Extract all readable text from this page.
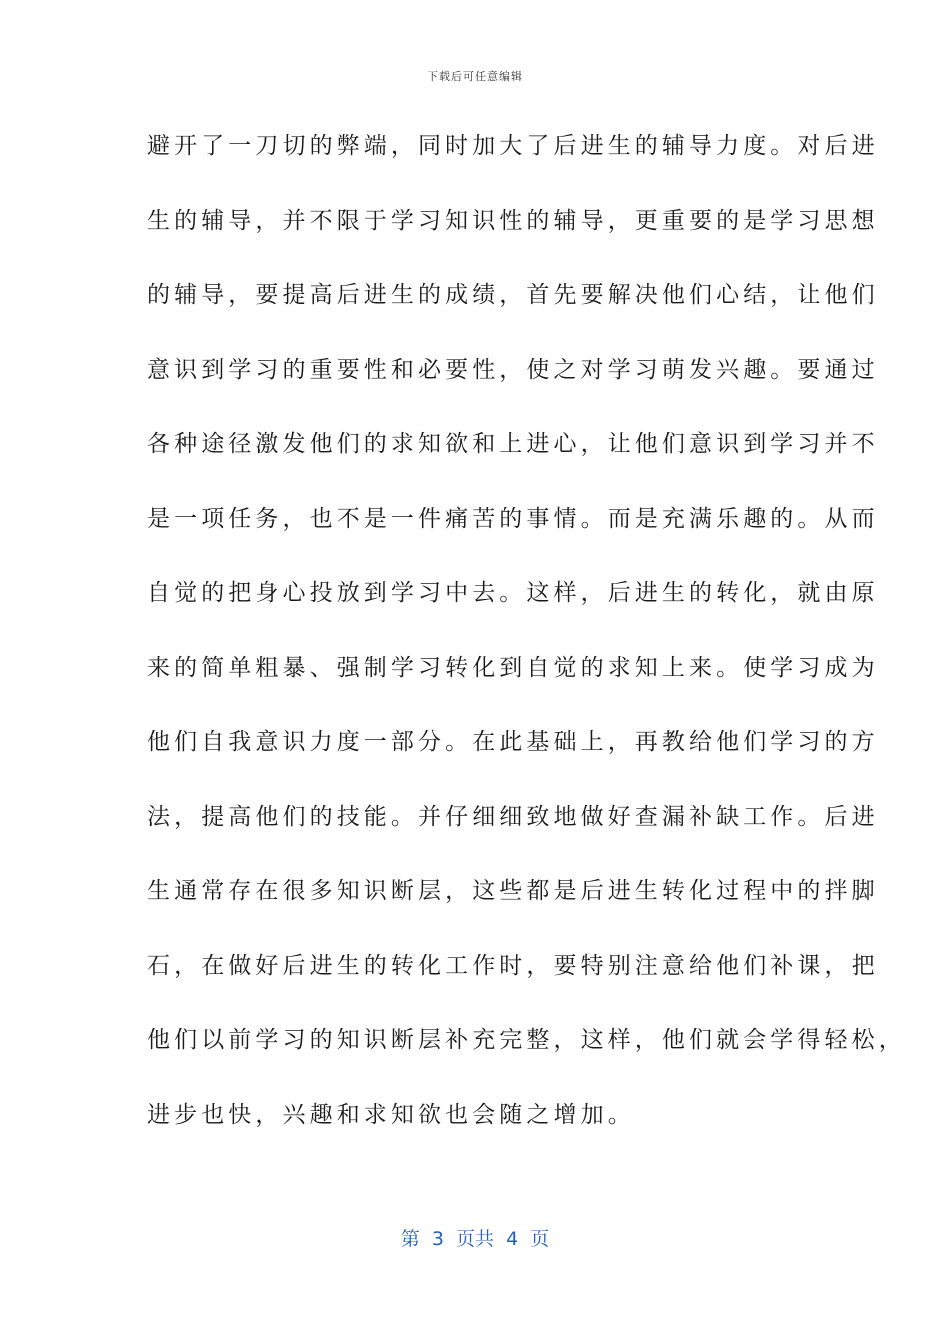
下载后可任意编辑
避开了一刀切的弊端，同时加大了后进生的辅导力度。对后进
生的辅导，并不限于学习知识性的辅导，更重要的是学习思想
的辅导，要提高后进生的成绩，首先要解决他们心结，让他们
意识到学习的重要性和必要性，使之对学习萌发兴趣。要通过
各种途径激发他们的求知欲和上进心，让他们意识到学习并不
是一项任务，也不是一件痛苦的事情。而是充满乐趣的。从而
自觉的把身心投放到学习中去。这样，后进生的转化，就由原
来的简单粗暴、强制学习转化到自觉的求知上来。使学习成为
他们自我意识力度一部分。在此基础上，再教给他们学习的方
法，提高他们的技能。并仔细细致地做好查漏补缺工作。后进
生通常存在很多知识断层，这些都是后进生转化过程中的拌脚
石，在做好后进生的转化工作时，要特别注意给他们补课，把
他们以前学习的知识断层补充完整，这样，他们就会学得轻松，
进步也快，兴趣和求知欲也会随之增加。
第  3  页共  4  页
